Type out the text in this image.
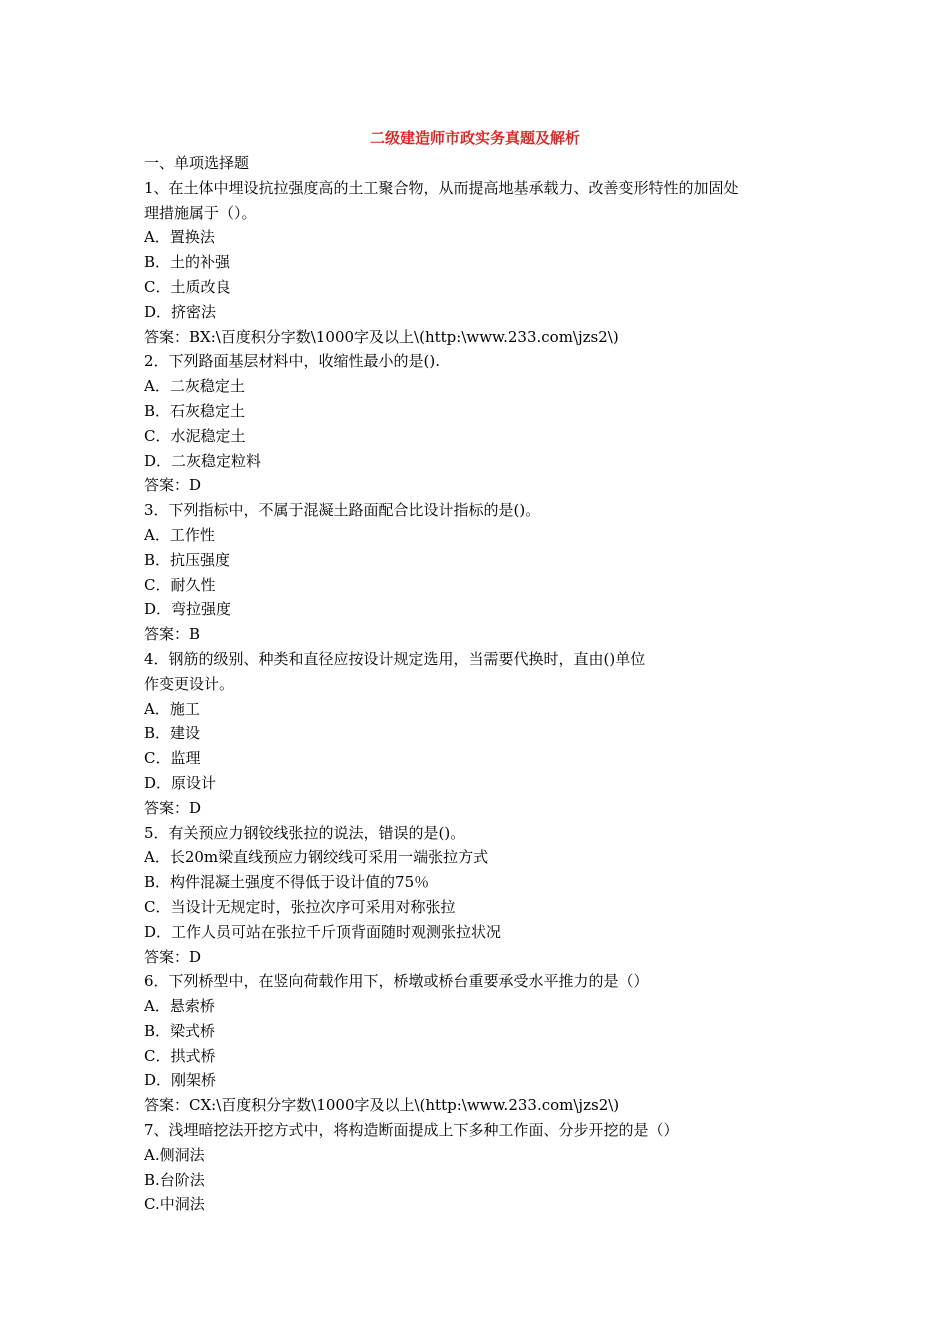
二级建造师市政实务真题及解析
一、单项选择题
1、在土体中埋设抗拉强度高的土工聚合物，从而提高地基承载力、改善变形特性的加固处
理措施属于（）。
A．置换法
B．土的补强
C．土质改良
D．挤密法
答案：BX:\百度积分字数\1000字及以上\(http:\www.233.com\jzs2\)
2．下列路面基层材料中，收缩性最小的是().
A．二灰稳定土
B．石灰稳定土
C．水泥稳定土
D．二灰稳定粒料
答案：D
3．下列指标中，不属于混凝土路面配合比设计指标的是()。
A．工作性
B．抗压强度
C．耐久性
D．弯拉强度
答案：B
4．钢筋的级别、种类和直径应按设计规定选用，当需要代换时，直由()单位
作变更设计。
A．施工
B．建设
C．监理
D．原设计
答案：D
5．有关预应力钢铰线张拉的说法，错误的是()。
A．长20m梁直线预应力钢绞线可采用一端张拉方式
B．构件混凝土强度不得低于设计值的75％
C．当设计无规定时，张拉次序可采用对称张拉
D．工作人员可站在张拉千斤顶背面随时观测张拉状况
答案：D
6．下列桥型中，在竖向荷载作用下，桥墩或桥台重要承受水平推力的是（）
A．悬索桥
B．梁式桥
C．拱式桥
D．刚架桥
答案：CX:\百度积分字数\1000字及以上\(http:\www.233.com\jzs2\)
7、浅埋暗挖法开挖方式中，将构造断面提成上下多种工作面、分步开挖的是（）
A.侧洞法
B.台阶法
C.中洞法
